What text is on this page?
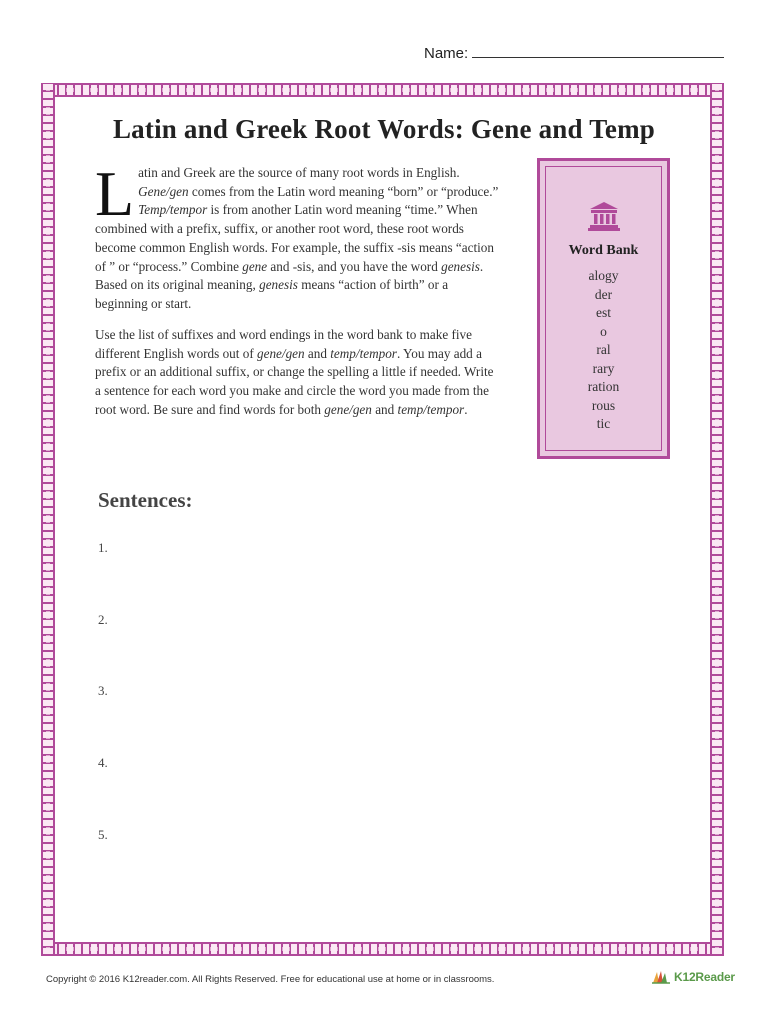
Name:
Latin and Greek Root Words: Gene and Temp
L atin and Greek are the source of many root words in English. Gene/gen comes from the Latin word meaning “born” or “produce.” Temp/tempor is from another Latin word meaning “time.” When combined with a prefix, suffix, or another root word, these root words become common English words. For example, the suffix -sis means “action of ” or “process.” Combine gene and -sis, and you have the word genesis. Based on its original meaning, genesis means “action of birth” or a beginning or start.
Use the list of suffixes and word endings in the word bank to make five different English words out of gene/gen and temp/tempor. You may add a prefix or an additional suffix, or change the spelling a little if needed. Write a sentence for each word you make and circle the word you made from the root word. Be sure and find words for both gene/gen and temp/tempor.
Word Bank
alogy
der
est
o
ral
rary
ration
rous
tic
Sentences:
1.
2.
3.
4.
5.
Copyright © 2016 K12reader.com. All Rights Reserved. Free for educational use at home or in classrooms.	K12Reader
